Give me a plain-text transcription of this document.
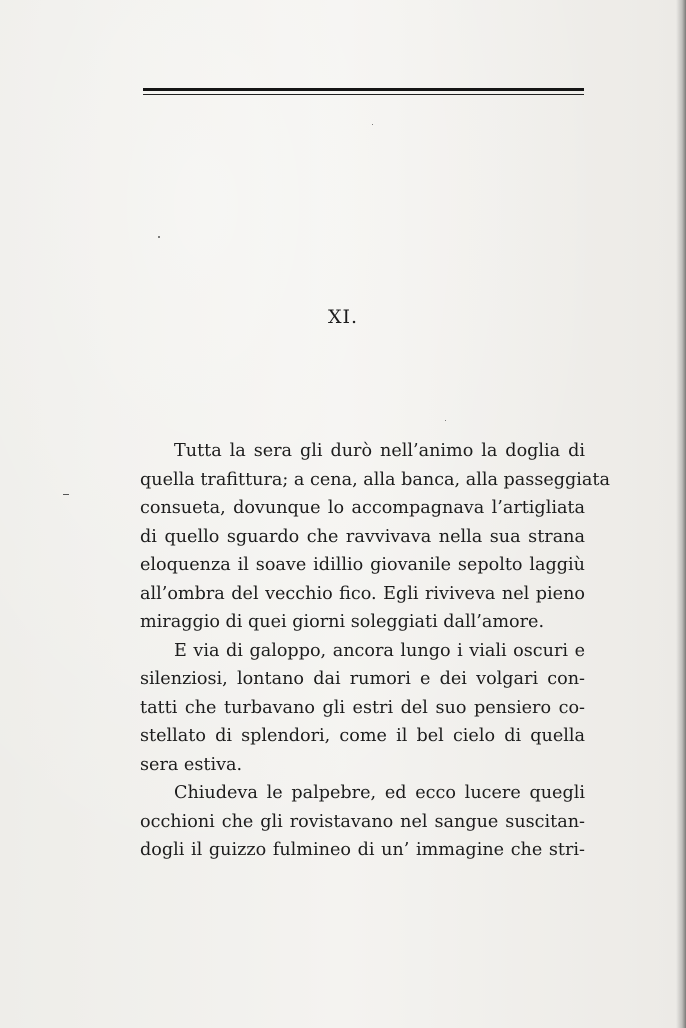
XI.
Tutta la sera gli durò nell’animo la doglia di
quella trafittura; a cena, alla banca, alla passeggiata
consueta, dovunque lo accompagnava l’artigliata
di quello sguardo che ravvivava nella sua strana
eloquenza il soave idillio giovanile sepolto laggiù
all’ombra del vecchio fico. Egli riviveva nel pieno
miraggio di quei giorni soleggiati dall’amore.
E via di galoppo, ancora lungo i viali oscuri e
silenziosi, lontano dai rumori e dei volgari con-
tatti che turbavano gli estri del suo pensiero co-
stellato di splendori, come il bel cielo di quella
sera estiva.
Chiudeva le palpebre, ed ecco lucere quegli
occhioni che gli rovistavano nel sangue suscitan-
dogli il guizzo fulmineo di un’ immagine che stri-
